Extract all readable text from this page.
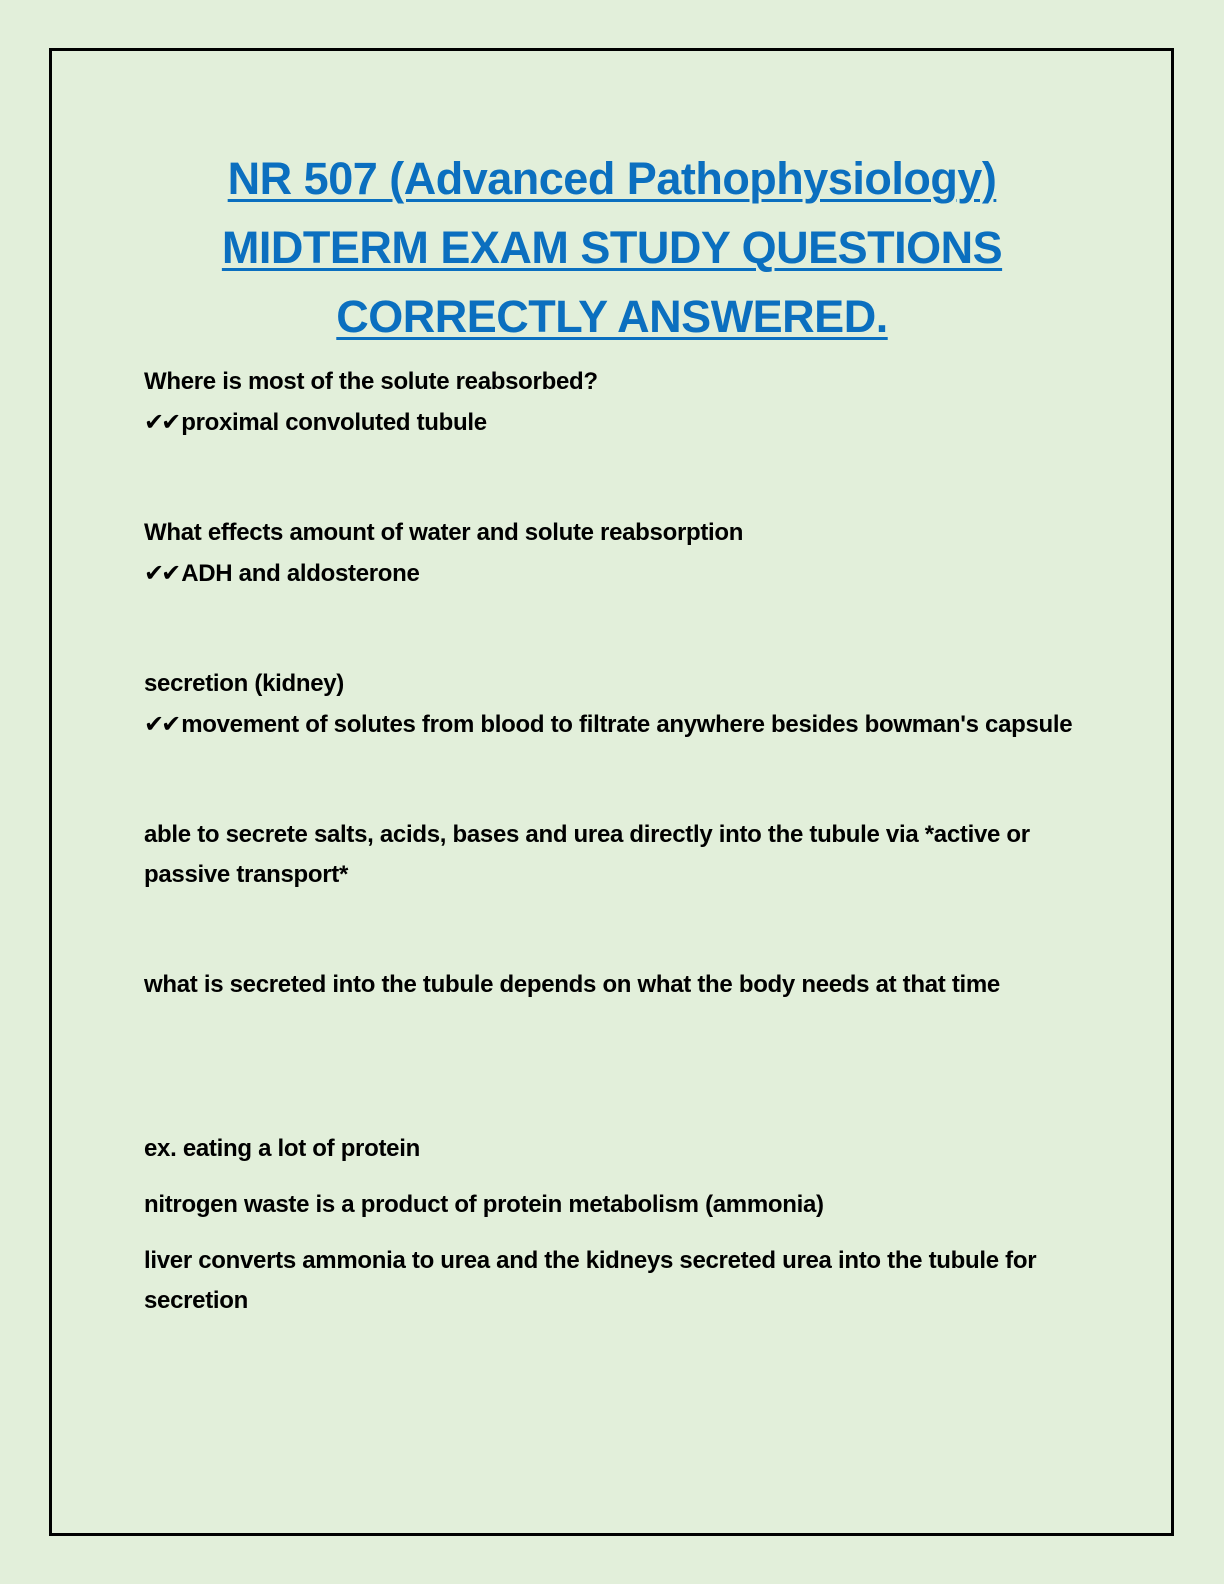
NR 507 (Advanced Pathophysiology)
MIDTERM EXAM STUDY QUESTIONS
CORRECTLY ANSWERED.

Where is most of the solute reabsorbed?

✔✔ proximal convoluted tubule

What effects amount of water and solute reabsorption

✔✔ ADH and aldosterone

secretion (kidney)

✔✔ movement of solutes from blood to filtrate anywhere besides bowman's capsule

able to secrete salts, acids, bases and urea directly into the tubule via *active or passive transport*

what is secreted into the tubule depends on what the body needs at that time

ex. eating a lot of protein

nitrogen waste is a product of protein metabolism (ammonia)

liver converts ammonia to urea and the kidneys secreted urea into the tubule for secretion
